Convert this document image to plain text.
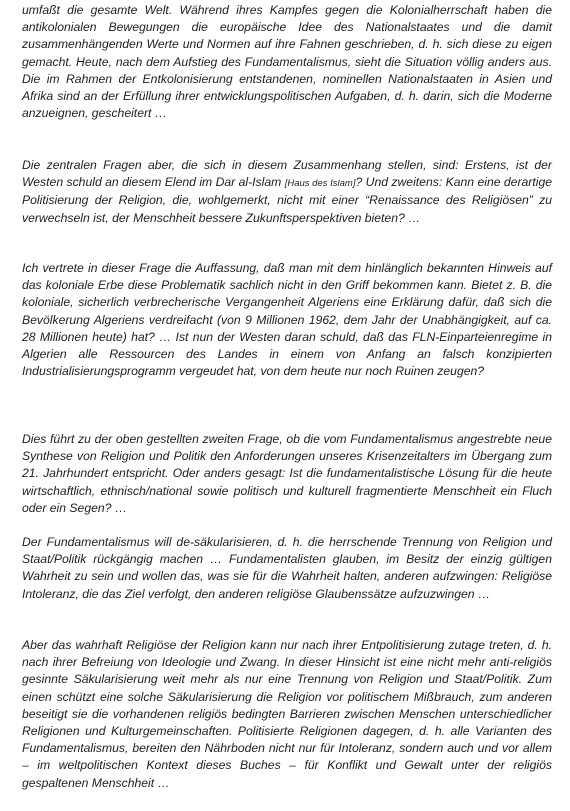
umfaßt die gesamte Welt. Während ihres Kampfes gegen die Kolonialherrschaft haben die antikolonialen Bewegungen die europäische Idee des Nationalstaates und die damit zusammenhängenden Werte und Normen auf ihre Fahnen geschrieben, d. h. sich diese zu eigen gemacht. Heute, nach dem Aufstieg des Fundamentalismus, sieht die Situation völlig anders aus. Die im Rahmen der Entkolonisierung entstandenen, nominellen Nationalstaaten in Asien und Afrika sind an der Erfüllung ihrer entwicklungspolitischen Aufgaben, d. h. darin, sich die Moderne anzueignen, gescheitert …

Die zentralen Fragen aber, die sich in diesem Zusammenhang stellen, sind: Erstens, ist der Westen schuld an diesem Elend im Dar al-Islam [Haus des Islam]? Und zweitens: Kann eine derartige Politisierung der Religion, die, wohlgemerkt, nicht mit einer “Renaissance des Religiösen” zu verwechseln ist, der Menschheit bessere Zukunftsperspektiven bieten? …

Ich vertrete in dieser Frage die Auffassung, daß man mit dem hinlänglich bekannten Hinweis auf das koloniale Erbe diese Problematik sachlich nicht in den Griff bekommen kann. Bietet z. B. die koloniale, sicherlich verbrecherische Vergangenheit Algeriens eine Erklärung dafür, daß sich die Bevölkerung Algeriens verdreifacht (von 9 Millionen 1962, dem Jahr der Unabhängigkeit, auf ca. 28 Millionen heute) hat? … Ist nun der Westen daran schuld, daß das FLN-Einparteienregime in Algerien alle Ressourcen des Landes in einem von Anfang an falsch konzipierten Industrialisierungsprogramm vergeudet hat, von dem heute nur noch Ruinen zeugen?

Dies führt zu der oben gestellten zweiten Frage, ob die vom Fundamentalismus angestrebte neue Synthese von Religion und Politik den Anforderungen unseres Krisenzeitalters im Übergang zum 21. Jahrhundert entspricht. Oder anders gesagt: Ist die fundamentalistische Lösung für die heute wirtschaftlich, ethnisch/national sowie politisch und kulturell fragmentierte Menschheit ein Fluch oder ein Segen? …

Der Fundamentalismus will de-säkularisieren, d. h. die herrschende Trennung von Religion und Staat/Politik rückgängig machen … Fundamentalisten glauben, im Besitz der einzig gültigen Wahrheit zu sein und wollen das, was sie für die Wahrheit halten, anderen aufzwingen: Religiöse Intoleranz, die das Ziel verfolgt, den anderen religiöse Glaubenssätze aufzuzwingen …

Aber das wahrhaft Religiöse der Religion kann nur nach ihrer Entpolitisierung zutage treten, d. h. nach ihrer Befreiung von Ideologie und Zwang. In dieser Hinsicht ist eine nicht mehr anti-religiös gesinnte Säkularisierung weit mehr als nur eine Trennung von Religion und Staat/Politik. Zum einen schützt eine solche Säkularisierung die Religion vor politischem Mißbrauch, zum anderen beseitigt sie die vorhandenen religiös bedingten Barrieren zwischen Menschen unterschiedlicher Religionen und Kulturgemeinschaften. Politisierte Religionen dagegen, d. h. alle Varianten des Fundamentalismus, bereiten den Nährboden nicht nur für Intoleranz, sondern auch und vor allem – im weltpolitischen Kontext dieses Buches – für Konflikt und Gewalt unter der religiös gespaltenen Menschheit …
